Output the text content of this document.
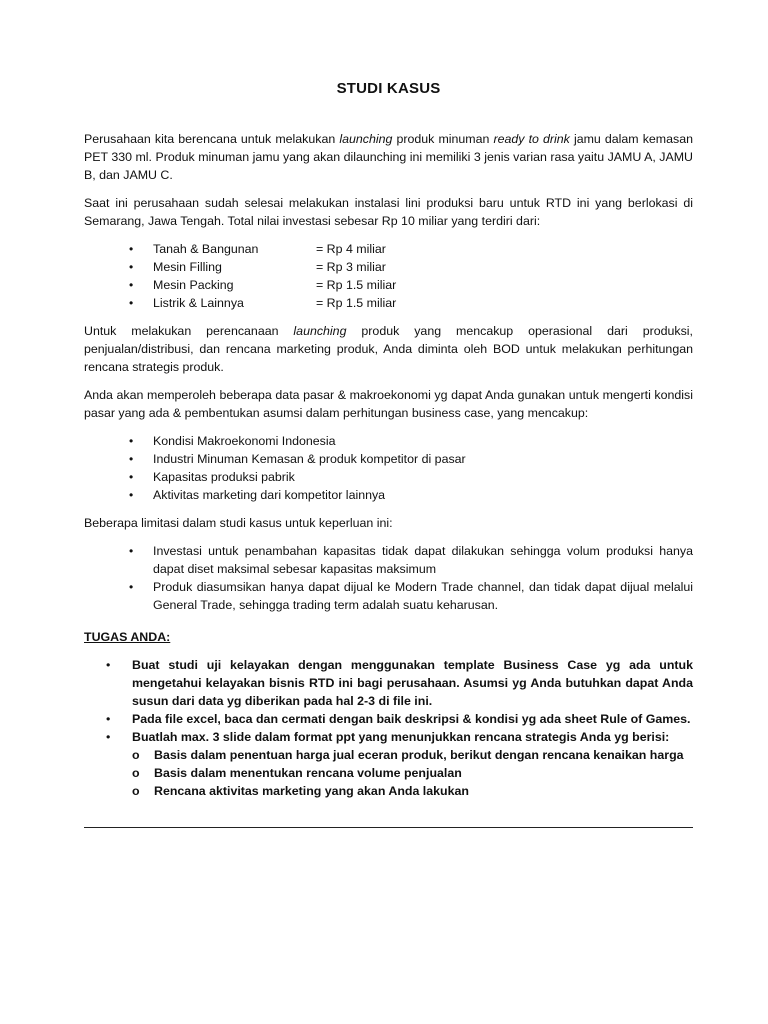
STUDI KASUS

Perusahaan kita berencana untuk melakukan launching produk minuman ready to drink jamu dalam kemasan PET 330 ml. Produk minuman jamu yang akan dilaunching ini memiliki 3 jenis varian rasa yaitu JAMU A, JAMU B, dan JAMU C.

Saat ini perusahaan sudah selesai melakukan instalasi lini produksi baru untuk RTD ini yang berlokasi di Semarang, Jawa Tengah. Total nilai investasi sebesar Rp 10 miliar yang terdiri dari:

• Tanah & Bangunan	= Rp 4 miliar
• Mesin Filling	= Rp 3 miliar
• Mesin Packing	= Rp 1.5 miliar
• Listrik & Lainnya	= Rp 1.5 miliar

Untuk melakukan perencanaan launching produk yang mencakup operasional dari produksi, penjualan/distribusi, dan rencana marketing produk, Anda diminta oleh BOD untuk melakukan perhitungan rencana strategis produk.

Anda akan memperoleh beberapa data pasar & makroekonomi yg dapat Anda gunakan untuk mengerti kondisi pasar yang ada & pembentukan asumsi dalam perhitungan business case, yang mencakup:

• Kondisi Makroekonomi Indonesia
• Industri Minuman Kemasan & produk kompetitor di pasar
• Kapasitas produksi pabrik
• Aktivitas marketing dari kompetitor lainnya

Beberapa limitasi dalam studi kasus untuk keperluan ini:

• Investasi untuk penambahan kapasitas tidak dapat dilakukan sehingga volum produksi hanya dapat diset maksimal sebesar kapasitas maksimum
• Produk diasumsikan hanya dapat dijual ke Modern Trade channel, dan tidak dapat dijual melalui General Trade, sehingga trading term adalah suatu keharusan.
TUGAS ANDA:
• Buat studi uji kelayakan dengan menggunakan template Business Case yg ada untuk mengetahui kelayakan bisnis RTD ini bagi perusahaan. Asumsi yg Anda butuhkan dapat Anda susun dari data yg diberikan pada hal 2-3 di file ini.
• Pada file excel, baca dan cermati dengan baik deskripsi & kondisi yg ada sheet Rule of Games.
• Buatlah max. 3 slide dalam format ppt yang menunjukkan rencana strategis Anda yg berisi:
o Basis dalam penentuan harga jual eceran produk, berikut dengan rencana kenaikan harga
o Basis dalam menentukan rencana volume penjualan
o Rencana aktivitas marketing yang akan Anda lakukan
